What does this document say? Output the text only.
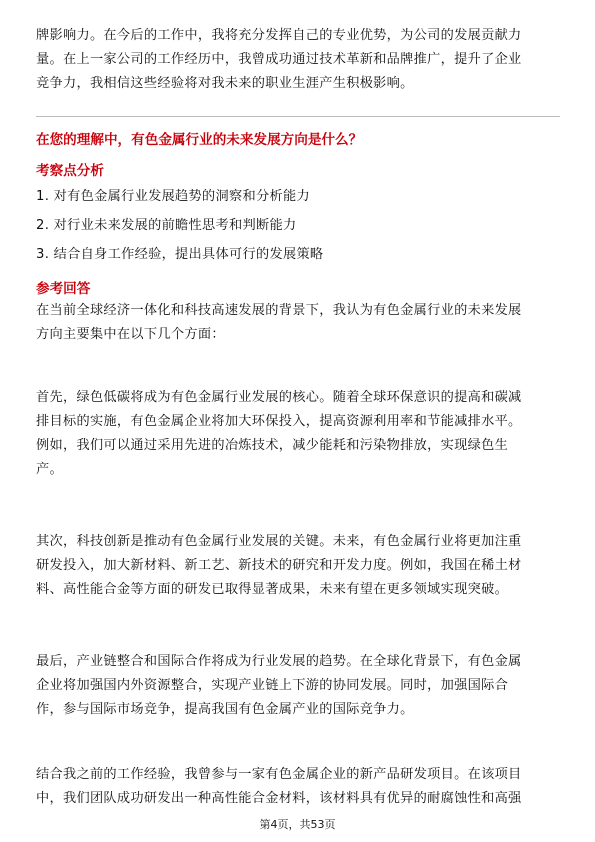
牌影响力。在今后的工作中，我将充分发挥自己的专业优势，为公司的发展贡献力

量。在上一家公司的工作经历中，我曾成功通过技术革新和品牌推广，提升了企业

竞争力，我相信这些经验将对我未来的职业生涯产生积极影响。

在您的理解中，有色金属行业的未来发展方向是什么？
考察点分析
1. 对有色金属行业发展趋势的洞察和分析能力
2. 对行业未来发展的前瞻性思考和判断能力
3. 结合自身工作经验，提出具体可行的发展策略
参考回答

在当前全球经济一体化和科技高速发展的背景下，我认为有色金属行业的未来发展

方向主要集中在以下几个方面：

首先，绿色低碳将成为有色金属行业发展的核心。随着全球环保意识的提高和碳减

排目标的实施，有色金属企业将加大环保投入，提高资源利用率和节能减排水平。

例如，我们可以通过采用先进的冶炼技术，减少能耗和污染物排放，实现绿色生

产。

其次，科技创新是推动有色金属行业发展的关键。未来，有色金属行业将更加注重

研发投入，加大新材料、新工艺、新技术的研究和开发力度。例如，我国在稀土材

料、高性能合金等方面的研发已取得显著成果，未来有望在更多领域实现突破。

最后，产业链整合和国际合作将成为行业发展的趋势。在全球化背景下，有色金属

企业将加强国内外资源整合，实现产业链上下游的协同发展。同时，加强国际合

作，参与国际市场竞争，提高我国有色金属产业的国际竞争力。

结合我之前的工作经验，我曾参与一家有色金属企业的新产品研发项目。在该项目

中，我们团队成功研发出一种高性能合金材料，该材料具有优异的耐腐蚀性和高强

第4页，共53页
